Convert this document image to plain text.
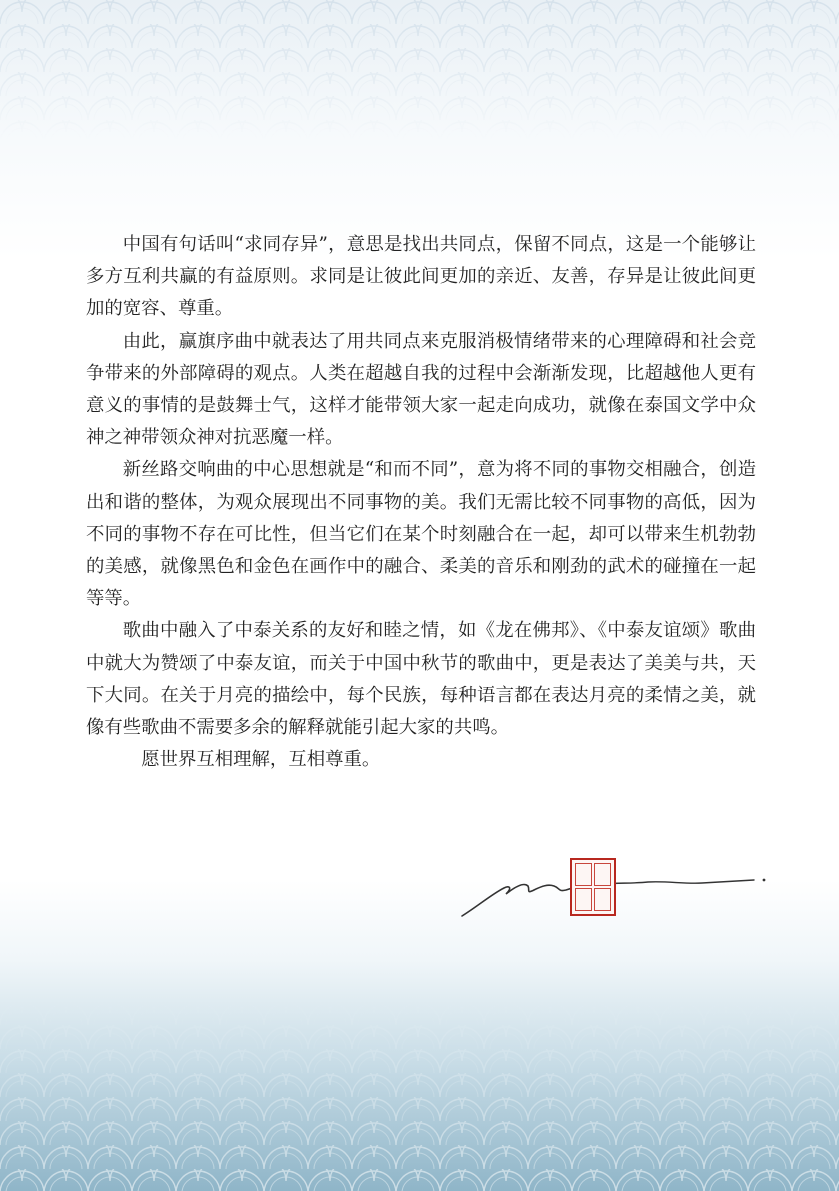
中国有句话叫“求同存异”，意思是找出共同点，保留不同点，这是一个能够让多方互利共赢的有益原则。求同是让彼此间更加的亲近、友善，存异是让彼此间更加的宽容、尊重。

由此，赢旗序曲中就表达了用共同点来克服消极情绪带来的心理障碍和社会竞争带来的外部障碍的观点。人类在超越自我的过程中会渐渐发现，比超越他人更有意义的事情的是鼓舞士气，这样才能带领大家一起走向成功，就像在泰国文学中众神之神带领众神对抗恶魔一样。

新丝路交响曲的中心思想就是“和而不同”，意为将不同的事物交相融合，创造出和谐的整体，为观众展现出不同事物的美。我们无需比较不同事物的高低，因为不同的事物不存在可比性，但当它们在某个时刻融合在一起，却可以带来生机勃勃的美感，就像黑色和金色在画作中的融合、柔美的音乐和刚劲的武术的碰撞在一起等等。

歌曲中融入了中泰关系的友好和睦之情，如《龙在佛邦》、《中泰友谊颂》歌曲中就大为赞颂了中泰友谊，而关于中国中秋节的歌曲中，更是表达了美美与共，天下大同。在关于月亮的描绘中，每个民族，每种语言都在表达月亮的柔情之美，就像有些歌曲不需要多余的解释就能引起大家的共鸣。

愿世界互相理解，互相尊重。
